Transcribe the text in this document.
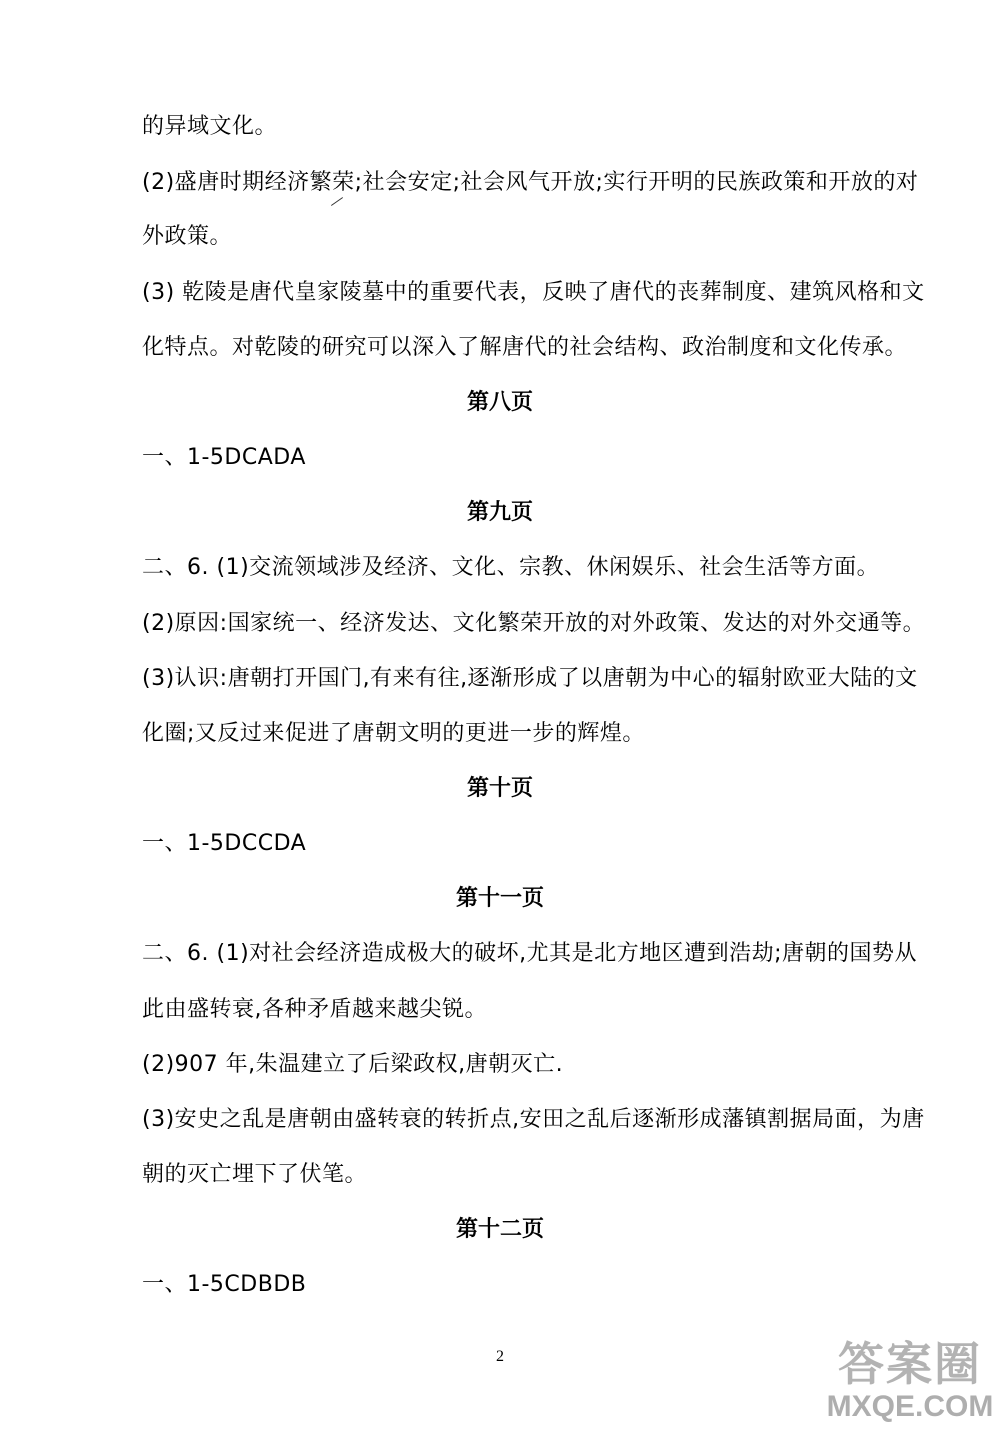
的异域文化。
(2)盛唐时期经济繁荣;社会安定;社会风气开放;实行开明的民族政策和开放的对
外政策。
(3) 乾陵是唐代皇家陵墓中的重要代表，反映了唐代的丧葬制度、建筑风格和文
化特点。对乾陵的研究可以深入了解唐代的社会结构、政治制度和文化传承。
第八页
一、1-5DCADA
第九页
二、6. (1)交流领域涉及经济、文化、宗教、休闲娱乐、社会生活等方面。
(2)原因:国家统一、经济发达、文化繁荣开放的对外政策、发达的对外交通等。
(3)认识:唐朝打开国门,有来有往,逐渐形成了以唐朝为中心的辐射欧亚大陆的文
化圈;又反过来促进了唐朝文明的更进一步的辉煌。
第十页
一、1-5DCCDA
第十一页
二、6. (1)对社会经济造成极大的破坏,尤其是北方地区遭到浩劫;唐朝的国势从
此由盛转衰,各种矛盾越来越尖锐。
(2)907 年,朱温建立了后梁政权,唐朝灭亡.
(3)安史之乱是唐朝由盛转衰的转折点,安田之乱后逐渐形成藩镇割据局面，为唐
朝的灭亡埋下了伏笔。
第十二页
一、1-5CDBDB
2	答案圈
MXQE.COM
